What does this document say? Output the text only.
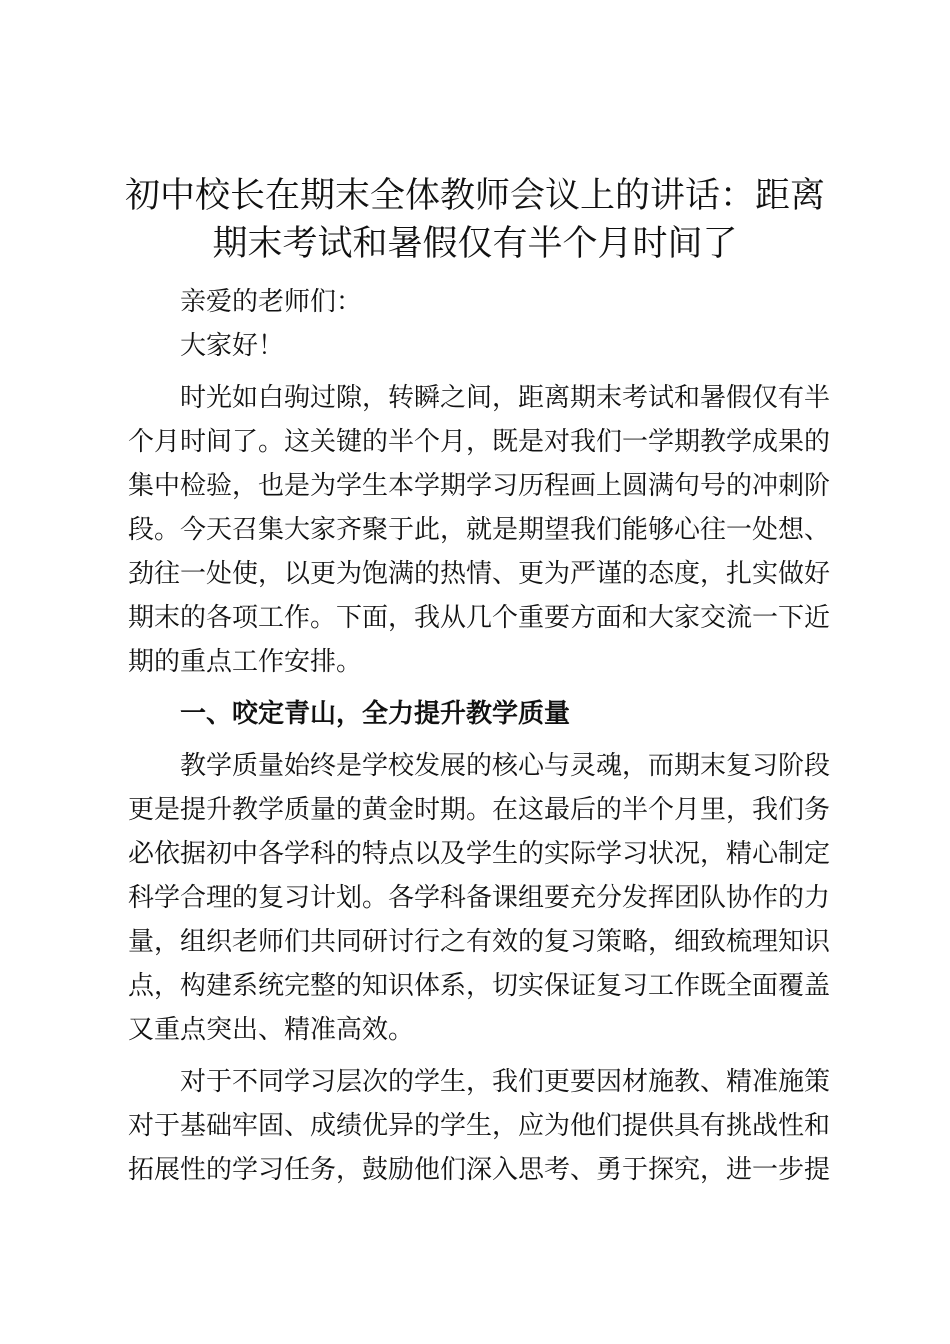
初中校长在期末全体教师会议上的讲话：距离
期末考试和暑假仅有半个月时间了

亲爱的老师们：

大家好！

时光如白驹过隙，转瞬之间，距离期末考试和暑假仅有半个月时间了。这关键的半个月，既是对我们一学期教学成果的集中检验，也是为学生本学期学习历程画上圆满句号的冲刺阶段。今天召集大家齐聚于此，就是期望我们能够心往一处想、劲往一处使，以更为饱满的热情、更为严谨的态度，扎实做好期末的各项工作。下面，我从几个重要方面和大家交流一下近期的重点工作安排。

一、咬定青山，全力提升教学质量

教学质量始终是学校发展的核心与灵魂，而期末复习阶段更是提升教学质量的黄金时期。在这最后的半个月里，我们务必依据初中各学科的特点以及学生的实际学习状况，精心制定科学合理的复习计划。各学科备课组要充分发挥团队协作的力量，组织老师们共同研讨行之有效的复习策略，细致梳理知识点，构建系统完整的知识体系，切实保证复习工作既全面覆盖又重点突出、精准高效。

对于不同学习层次的学生，我们更要因材施教、精准施策对于基础牢固、成绩优异的学生，应为他们提供具有挑战性和拓展性的学习任务，鼓励他们深入思考、勇于探究，进一步提
